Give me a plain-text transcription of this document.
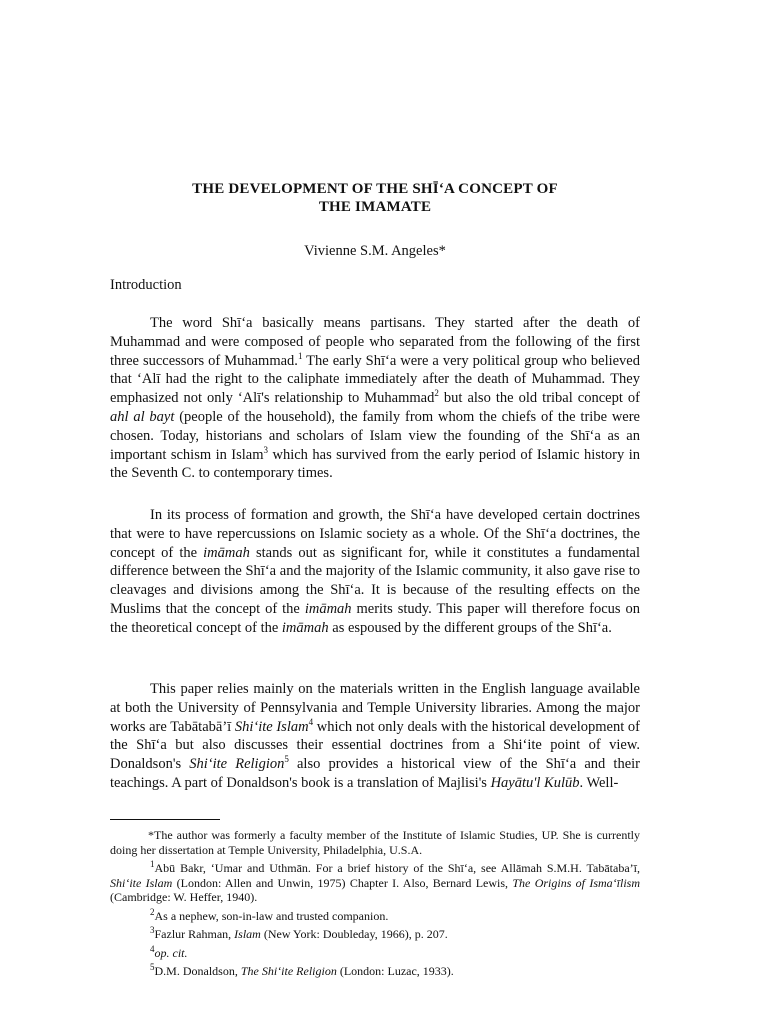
THE DEVELOPMENT OF THE SHĪ‘A CONCEPT OF
THE IMAMATE
Vivienne S.M. Angeles*
Introduction

The word Shī‘a basically means partisans. They started after the death of Muhammad and were composed of people who separated from the following of the first three successors of Muhammad.$^1$ The early Shī‘a were a very political group who believed that ‘Alī had the right to the caliphate immediately after the death of Muhammad. They emphasized not only ‘Alī's relationship to Muhammad$^2$ but also the old tribal concept of ahl al bayt (people of the household), the family from whom the chiefs of the tribe were chosen. Today, historians and scholars of Islam view the founding of the Shī‘a as an important schism in Islam$^3$ which has survived from the early period of Islamic history in the Seventh C. to contemporary times.

In its process of formation and growth, the Shī‘a have developed certain doctrines that were to have repercussions on Islamic society as a whole. Of the Shī‘a doctrines, the concept of the imāmah stands out as significant for, while it constitutes a fundamental difference between the Shī‘a and the majority of the Islamic community, it also gave rise to cleavages and divisions among the Shī‘a. It is because of the resulting effects on the Muslims that the concept of the imāmah merits study. This paper will therefore focus on the theoretical concept of the imāmah as espoused by the different groups of the Shī‘a.

This paper relies mainly on the materials written in the English language available at both the University of Pennsylvania and Temple University libraries. Among the major works are Tabātabā’ī Shi‘ite Islam$^4$ which not only deals with the historical development of the Shī‘a but also discusses their essential doctrines from a Shi‘ite point of view. Donaldson's Shi‘ite Religion$^5$ also provides a historical view of the Shī‘a and their teachings. A part of Donaldson's book is a translation of Majlisi's Hayātu'l Kulūb. Well-

*The author was formerly a faculty member of the Institute of Islamic Studies, UP. She is currently doing her dissertation at Temple University, Philadelphia, U.S.A.

$^1$Abū Bakr, ‘Umar and Uthmān. For a brief history of the Shī‘a, see Allāmah S.M.H. Tabātaba’ī, Shi‘ite Islam (London: Allen and Unwin, 1975) Chapter I. Also, Bernard Lewis, The Origins of Isma‘īlism (Cambridge: W. Heffer, 1940).

$^2$As a nephew, son-in-law and trusted companion.

$^3$Fazlur Rahman, Islam (New York: Doubleday, 1966), p. 207.

$^4$op. cit.

$^5$D.M. Donaldson, The Shi‘ite Religion (London: Luzac, 1933).
